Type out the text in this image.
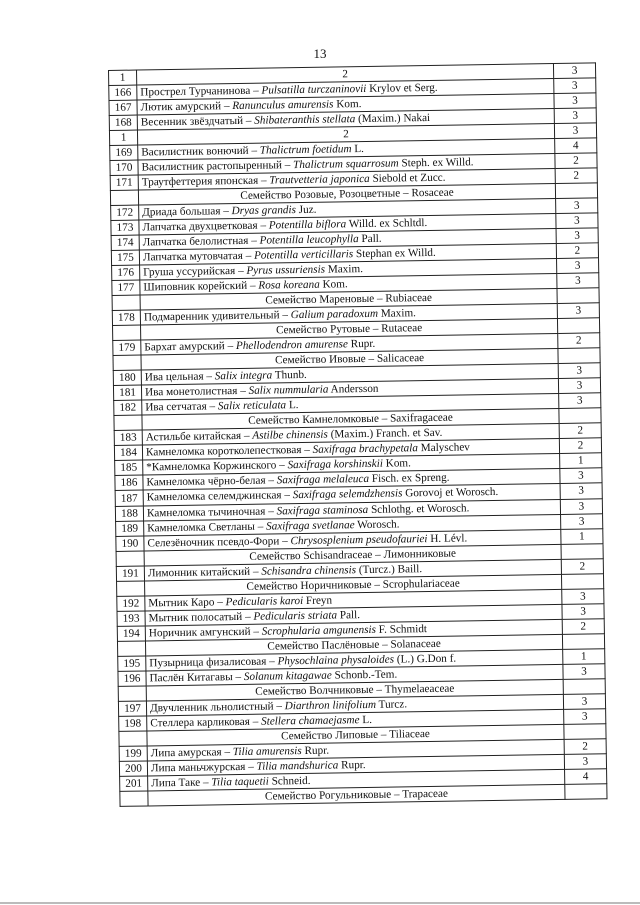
13
1	2	3
166	Прострел Турчанинова – Pulsatilla turczaninovii Krylov et Serg.	3
167	Лютик амурский – Ranunculus amurensis Kom.	3
168	Весенник звёздчатый – Shibateranthis stellata (Maxim.) Nakai	3
1	2	3
169	Василистник вонючий – Thalictrum foetidum L.	4
170	Василистник растопыренный – Thalictrum squarrosum Steph. ex Willd.	2
171	Траутфеттерия японская – Trautvetteria japonica Siebold et Zucc.	2
	Семейство Розовые, Розоцветные – Rosaceae	
172	Дриада большая – Dryas grandis Juz.	3
173	Лапчатка двухцветковая – Potentilla biflora Willd. ex Schltdl.	3
174	Лапчатка белолистная – Potentilla leucophylla Pall.	3
175	Лапчатка мутовчатая – Potentilla verticillaris Stephan ex Willd.	2
176	Груша уссурийская – Pyrus ussuriensis Maxim.	3
177	Шиповник корейский – Rosa koreana Kom.	3
	Семейство Мареновые – Rubiaceae	
178	Подмаренник удивительный – Galium paradoxum Maxim.	3
	Семейство Рутовые – Rutaceae	
179	Бархат амурский – Phellodendron amurense Rupr.	2
	Семейство Ивовые – Salicaceae	
180	Ива цельная – Salix integra Thunb.	3
181	Ива монетолистная – Salix nummularia Andersson	3
182	Ива сетчатая – Salix reticulata L.	3
	Семейство Камнеломковые – Saxifragaceae	
183	Астильбе китайская – Astilbe chinensis (Maxim.) Franch. et Sav.	2
184	Камнеломка коротколепестковая – Saxifraga brachypetala Malyschev	2
185	*Камнеломка Коржинского – Saxifraga korshinskii Kom.	1
186	Камнеломка чёрно-белая – Saxifraga melaleuca Fisch. ex Spreng.	3
187	Камнеломка селемджинская – Saxifraga selemdzhensis Gorovoj et Worosch.	3
188	Камнеломка тычиночная – Saxifraga staminosa Schlothg. et Worosch.	3
189	Камнеломка Светланы – Saxifraga svetlanae Worosch.	3
190	Селезёночник псевдо-Фори – Chrysosplenium pseudofauriei H. Lévl.	1
	Семейство Schisandraceae – Лимонниковые	
191	Лимонник китайский – Schisandra chinensis (Turcz.) Baill.	2
	Семейство Норичниковые – Scrophulariaceae	
192	Мытник Каро – Pedicularis karoi Freyn	3
193	Мытник полосатый – Pedicularis striata Pall.	3
194	Норичник амгунский – Scrophularia amgunensis F. Schmidt	2
	Семейство Паслёновые – Solanaceae	
195	Пузырница физалисовая – Physochlaina physaloides (L.) G.Don f.	1
196	Паслён Китагавы – Solanum kitagawae Schonb.-Tem.	3
	Семейство Волчниковые – Thymelaeaceae	
197	Двучленник льнолистный – Diarthron linifolium Turcz.	3
198	Стеллера карликовая – Stellera chamaejasme L.	3
	Семейство Липовые – Tiliaceae	
199	Липа амурская – Tilia amurensis Rupr.	2
200	Липа маньчжурская – Tilia mandshurica Rupr.	3
201	Липа Таке – Tilia taquetii Schneid.	4
	Семейство Рогульниковые – Trapaceae	
